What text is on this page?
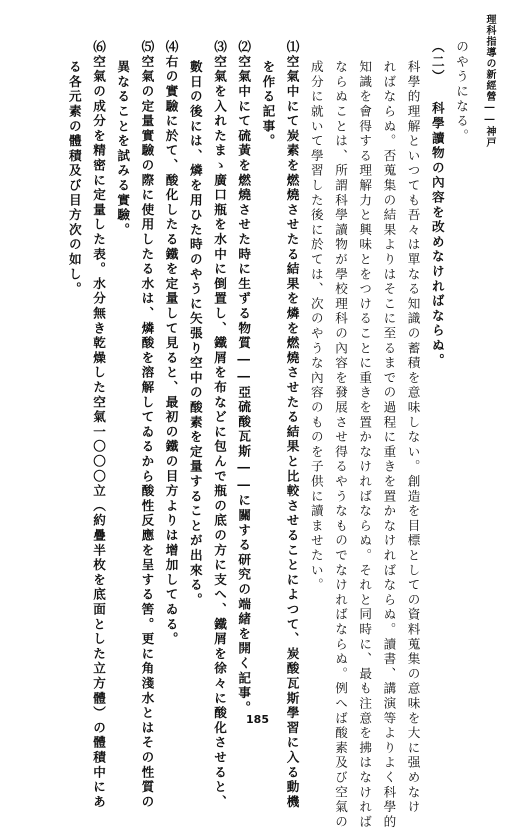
理科指導の新經營――神戸
のやうになる。
（二） 科學讀物の內容を改めなければならぬ。
科學的理解といつても吾々は單なる知識の蓄積を意味しない。創造を目標としての資料蒐集の意味を大に强めなけ
ればならぬ。否蒐集の結果よりはそこに至るまでの過程に重きを置かなければならぬ。讀書、講演等よりよく科學的
知識を會得する理解力と興味とをつけることに重きを置かなければならぬ。それと同時に、最も注意を拂はなければ
ならぬことは、所謂科學讀物が學校理科の內容を發展させ得るやうなものでなければならぬ。例へば酸素及び空氣の
成分に就いて學習した後に於ては、次のやうな內容のものを子供に讀ませたい。
⑴空氣中にて炭素を燃燒させたる結果を燐を燃燒させたる結果と比較させることによつて、炭酸瓦斯學習に入る動機
を作る記事。
⑵空氣中にて硫黃を燃燒させた時に生ずる物質――亞硫酸瓦斯――に關する研究の端緒を開く記事。
⑶空氣を入れたまゝ廣口瓶を水中に倒置し、鐵屑を布などに包んで瓶の底の方に支へ、鐵屑を徐々に酸化させると、
數日の後には、燐を用ひた時のやうに矢張り空中の酸素を定量することが出來る。
⑷右の實驗に於て、酸化したる鐵を定量して見ると、最初の鐵の目方よりは增加してゐる。
⑸空氣の定量實驗の際に使用したる水は、燐酸を溶解してゐるから酸性反應を呈する筈。更に角淺水とはその性質の
異なることを試みる實驗。
⑹空氣の成分を精密に定量した表。水分無き乾燥した空氣一〇〇〇立（約疊半枚を底面とした立方體）の體積中にあ
る各元素の體積及び目方次の如し。
185
